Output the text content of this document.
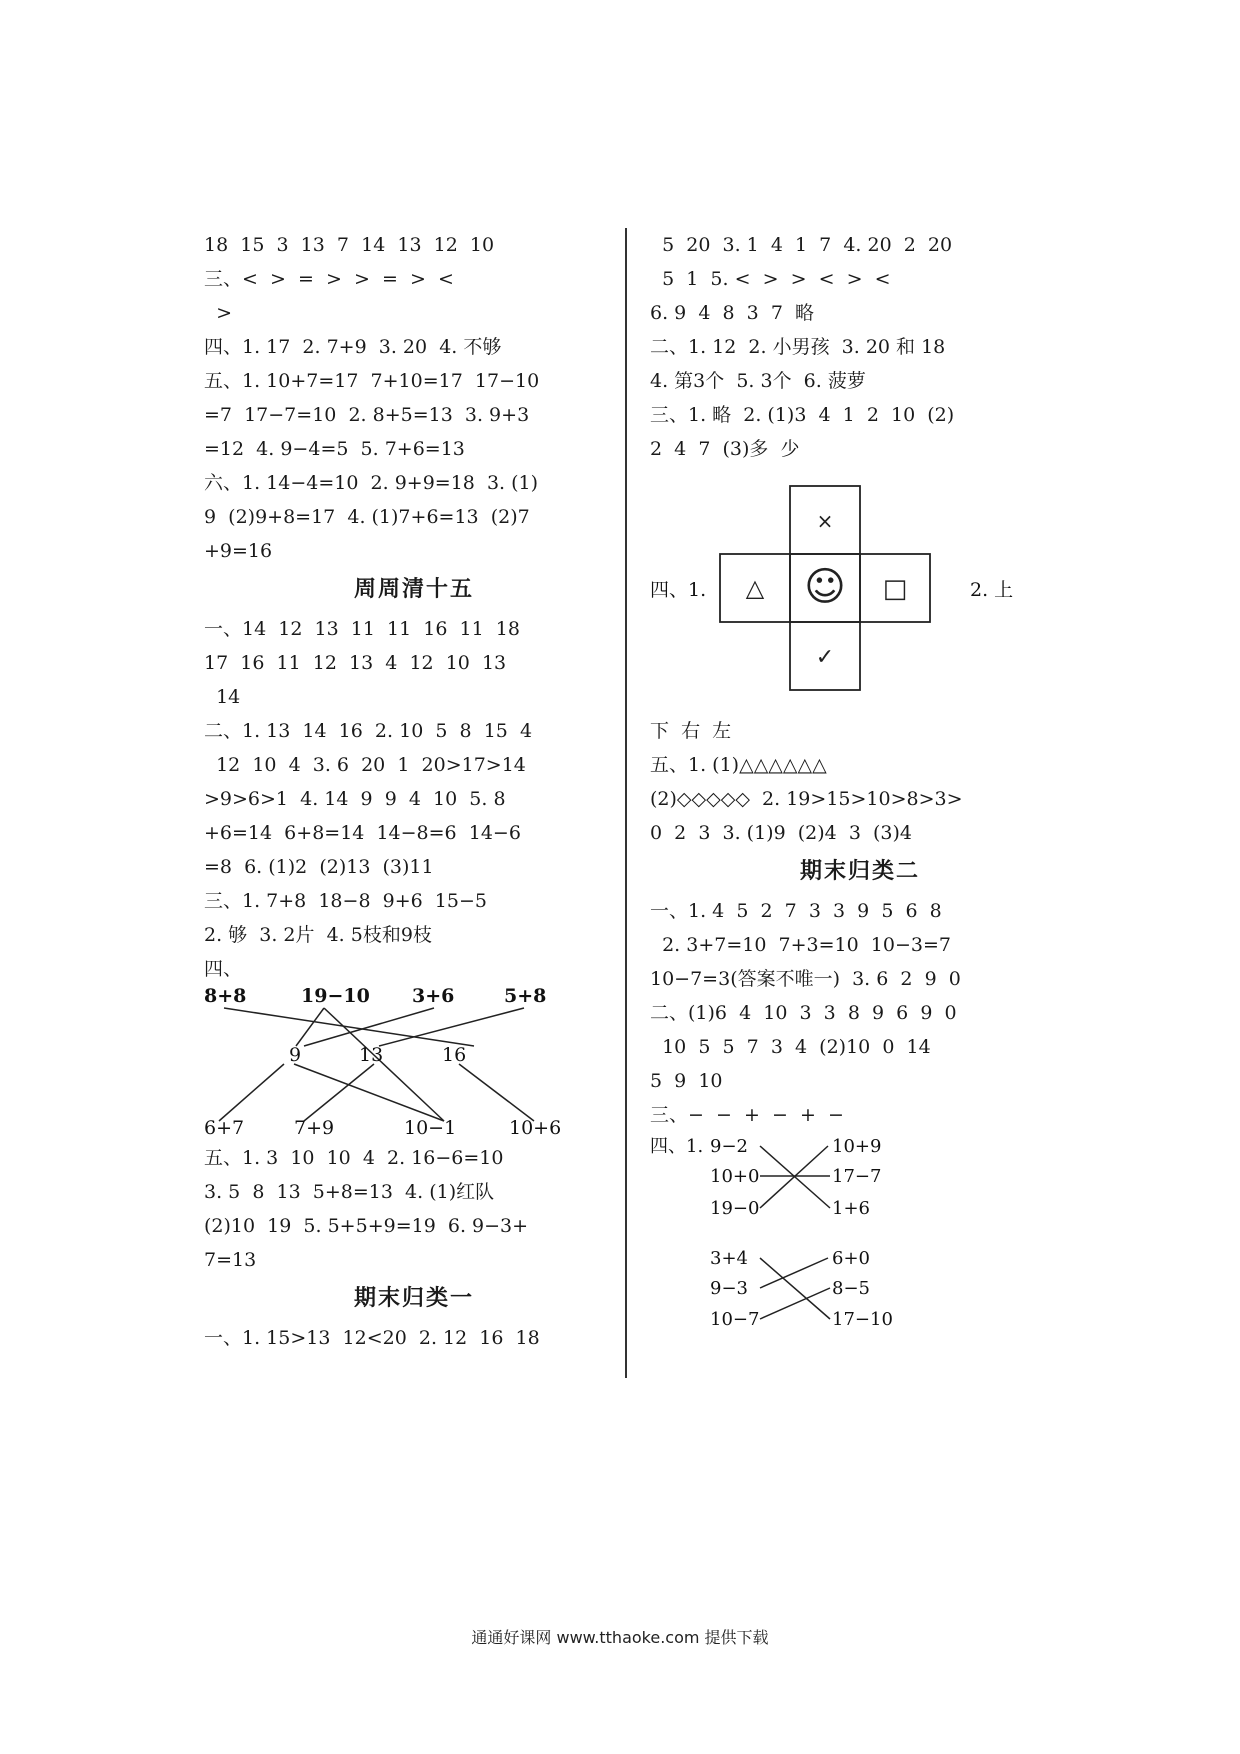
18  15  3  13  7  14  13  12  10
三、<  >  =  >  >  =  >  <
>
四、1. 17  2. 7+9  3. 20  4. 不够
五、1. 10+7=17  7+10=17  17−10
=7  17−7=10  2. 8+5=13  3. 9+3
=12  4. 9−4=5  5. 7+6=13
六、1. 14−4=10  2. 9+9=18  3. (1)
9  (2)9+8=17  4. (1)7+6=13  (2)7
+9=16
周周清十五
一、14  12  13  11  11  16  11  18
17  16  11  12  13  4  12  10  13
14
二、1. 13  14  16  2. 10  5  8  15  4
12  10  4  3. 6  20  1  20>17>14
>9>6>1  4. 14  9  9  4  10  5. 8
+6=14  6+8=14  14−8=6  14−6
=8  6. (1)2  (2)13  (3)11
三、1. 7+8  18−8  9+6  15−5
2. 够  3. 2片  4. 5枝和9枝
四、
8+8	19−10 3+6	5+8
9	13	16
6+7	7+9	10−1	10+6
五、1. 3  10  10  4  2. 16−6=10
3. 5  8  13  5+8=13  4. (1)红队
(2)10  19  5. 5+5+9=19  6. 9−3+
7=13
期末归类一
一、1. 15>13  12<20  2. 12  16  18
5  20  3. 1  4  1  7  4. 20  2  20
5  1  5. <  >  >  <  >  <
6. 9  4  8  3  7  略
二、1. 12  2. 小男孩  3. 20 和 18
4. 第3个  5. 3个  6. 菠萝
三、1. 略  2. (1)3  4  1  2  10  (2)
2  4  7  (3)多  少
四、1.
×
△ ☺ □
✓
2. 上
下  右  左
五、1. (1)△△△△△△
(2)◇◇◇◇◇  2. 19>15>10>8>3>
0  2  3  3. (1)9  (2)4  3  (3)4
期末归类二
一、1. 4  5  2  7  3  3  9  5  6  8
2. 3+7=10  7+3=10  10−3=7
10−7=3(答案不唯一)  3. 6  2  9  0
二、(1)6  4  10  3  3  8  9  6  9  0
10  5  5  7  3  4  (2)10  0  14
5  9  10
三、−  −  +  −  +  −
四、1. 9−2
10+0
19−0
10+9
17−7
1+6
3+4
9−3
10−7
6+0
8−5
17−10
通通好课网 www.tthaoke.com 提供下载
